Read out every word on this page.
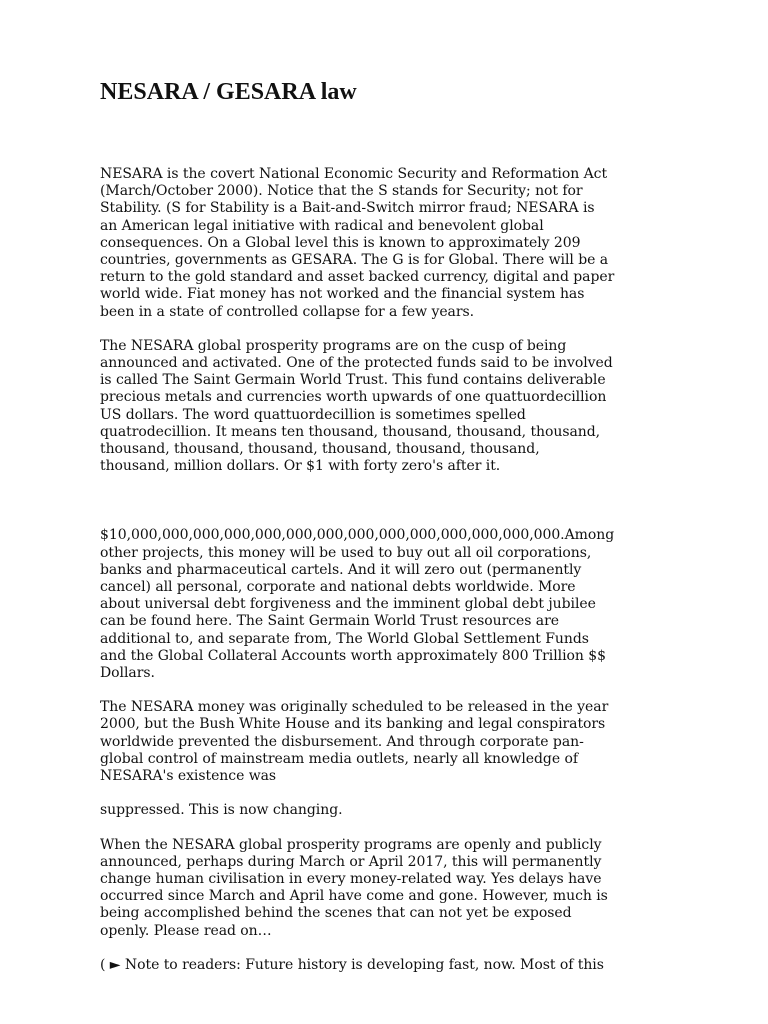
NESARA / GESARA law

NESARA is the covert National Economic Security and Reformation Act
(March/October 2000). Notice that the S stands for Security; not for
Stability. (S for Stability is a Bait-and-Switch mirror fraud; NESARA is
an American legal initiative with radical and benevolent global
consequences. On a Global level this is known to approximately 209
countries, governments as GESARA. The G is for Global. There will be a
return to the gold standard and asset backed currency, digital and paper
world wide. Fiat money has not worked and the financial system has
been in a state of controlled collapse for a few years.

The NESARA global prosperity programs are on the cusp of being
announced and activated. One of the protected funds said to be involved
is called The Saint Germain World Trust. This fund contains deliverable
precious metals and currencies worth upwards of one quattuordecillion
US dollars. The word quattuordecillion is sometimes spelled
quatrodecillion. It means ten thousand, thousand, thousand, thousand,
thousand, thousand, thousand, thousand, thousand, thousand,
thousand, million dollars. Or $1 with forty zero's after it.

$10,000,000,000,000,000,000,000,000,000,000,000,000,000,000.Among
other projects, this money will be used to buy out all oil corporations,
banks and pharmaceutical cartels. And it will zero out (permanently
cancel) all personal, corporate and national debts worldwide. More
about universal debt forgiveness and the imminent global debt jubilee
can be found here. The Saint Germain World Trust resources are
additional to, and separate from, The World Global Settlement Funds
and the Global Collateral Accounts worth approximately 800 Trillion $$
Dollars.

The NESARA money was originally scheduled to be released in the year
2000, but the Bush White House and its banking and legal conspirators
worldwide prevented the disbursement. And through corporate pan-
global control of mainstream media outlets, nearly all knowledge of
NESARA's existence was

suppressed. This is now changing.

When the NESARA global prosperity programs are openly and publicly
announced, perhaps during March or April 2017, this will permanently
change human civilisation in every money-related way. Yes delays have
occurred since March and April have come and gone. However, much is
being accomplished behind the scenes that can not yet be exposed
openly. Please read on…

( ► Note to readers: Future history is developing fast, now. Most of this
